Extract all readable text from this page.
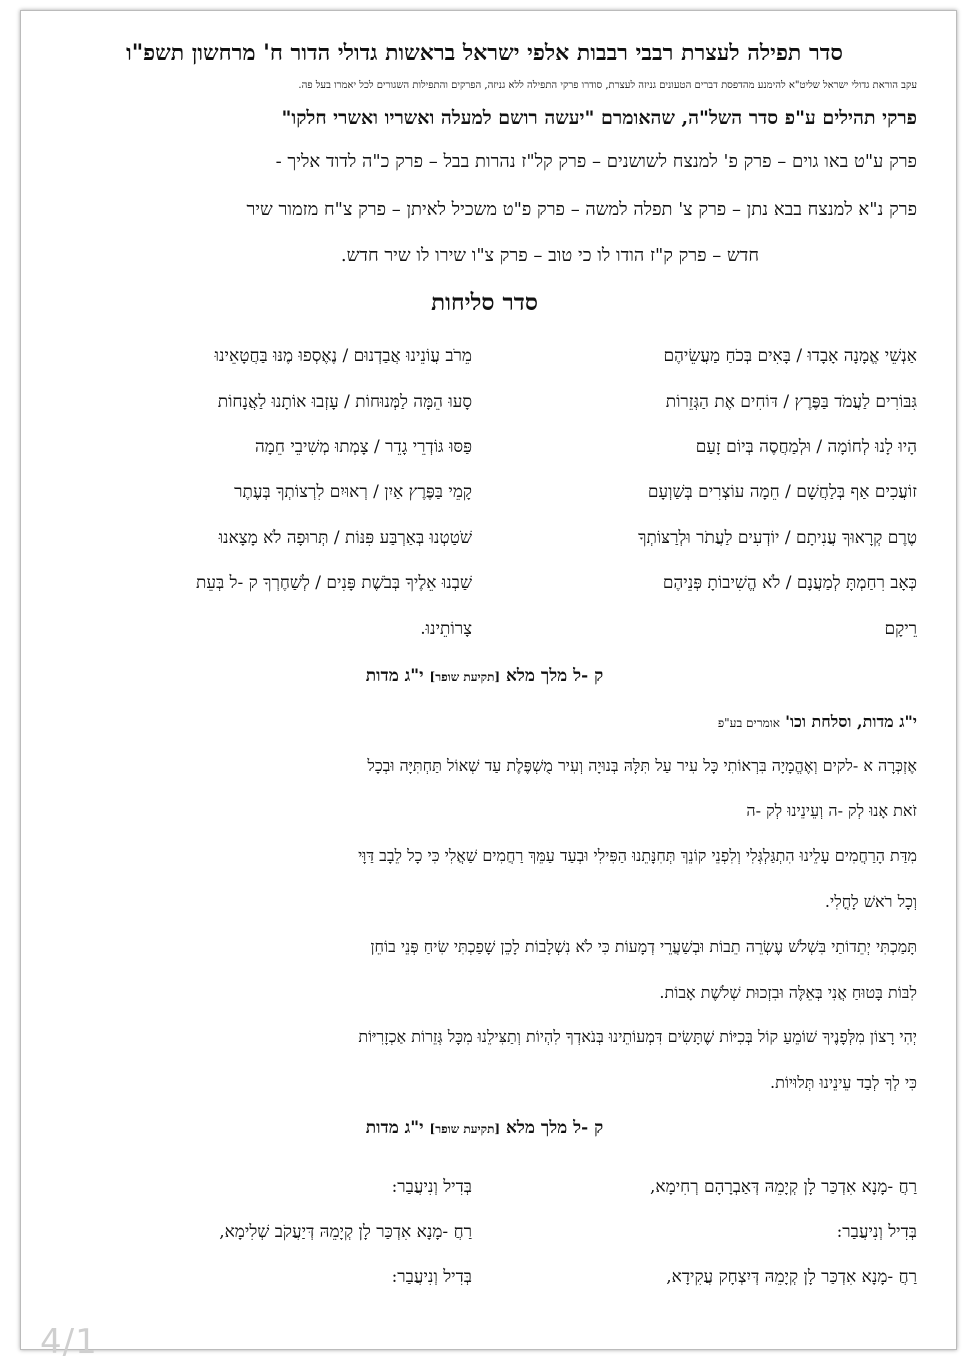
סדר תפילה לעצרת רבבי רבבות אלפי ישראל בראשות גדולי הדור ח' מרחשון תשפ"ו
עקב הוראת גדולי ישראל שליט"א להימנע מהדפסת דברים הטעונים גניזה לעצרת, סודרו פרקי התפילה ללא גניזה, הפרקים והתפילות השגורים לכל יאמרו בעל פה.
פרקי תהילים ע"פ סדר השל"ה, שהאומרם "יעשה רושם למעלה ואשריו ואשרי חלקו"
פרק ע"ט באו גוים – פרק פ' למנצח לשושנים – פרק קל"ז נהרות בבל – פרק כ"ה לדוד אליך -
פרק נ"א למנצח בבא נתן – פרק צ' תפלה למשה – פרק פ"ט משכיל לאיתן – פרק צ"ח מזמור שיר
חדש – פרק ק"ז הודו לו כי טוב – פרק צ"ו שירו לו שיר חדש.
סדר סליחות
אַנְשֵׁי אֱמָנָה אָבָדוּ / בָּאִים בְּכֹחַ מַעֲשֵׂיהֶם
מֵרֹב עֲוֹנֵינוּ אֲבַדְנוּם / נֶאֶסְפוּ מֶנּוּ בַּחֲטָאֵינוּ
גִּבּוֹרִים לַעֲמֹד בַּפֶּרֶץ / דּוֹחִים אֶת הַגְּזֵרוֹת
סָעוּ הֵמָּה לַמְּנוּחוֹת / עָזְבוּ אוֹתָנוּ לַאֲנָחוֹת
הָיוּ לָנוּ לְחוֹמָה / וּלְמַחֲסֶה בְּיוֹם זָעַם
פַּסּוּ גּוֹדְרֵי גָדֵר / צָמְתוּ מְשִׁיבֵי חֵמָה
זוֹעֲכִים אַף בְּלַחֲשָׁם / חֵמָה עוֹצְרִים בְּשַׁוְעָם
קָמֵי בַּפֶּרֶץ אַיִן / רְאוּיִם לִרְצוֹתְךָ בְּעֶתֶר
טֶרֶם קְרָאוּךָ עֲנִיתָם / יוֹדְעִים לַעֲתֹר וּלְרַצּוֹתְךָ
שֹׁטַטְנוּ בְּאַרְבַּע פִּנּוֹת / תְּרוּפָה לֹא מָצָאנוּ
כְּאָב רִחַמְתָּ לְמַעֲנָם / לֹא הֱשִׁיבוֹתָ פְּנֵיהֶם
שַׁבְנוּ אֵלֶיךָ בְּבֹשֶׁת פָּנִים / לְשַׁחֶרְךָ ק -ל בְּעֵת
רֵיקָם
צָרוֹתֵינוּ.
ק -ל מלך מלא [תקיעת שופר] י"ג מדות
י"ג מדות, וסלחת וכו' אומרים בע"פ
אֶזְכְּרָה א -לקים וְאֶהֱמָיָה בִּרְאוֹתִי כָּל עִיר עַל תִּלָּהּ בְּנוּיָה וְעִיר מֻשְׁפֶּלֶת עַד שְׁאוֹל תַּחְתִּיָּה וּבְכָל
זֹאת אָנוּ לְק -ה וְעֵינֵינוּ לְק -ה
מִדַּת הָרַחֲמִים עָלֵינוּ הִתְגַּלְגְּלִי וְלִפְנֵי קוֹנֵךְ תְּחִנָּתֵנוּ הַפִּילִי וּבְעַד עַמֵּךְ רַחֲמִים שַׁאֲלִי כִּי כָל לֵבָב דַּוָּי
וְכָל רֹאשׁ לָחֳלִי.
תָּמַכְתִּי יְתֵדוֹתַי בִּשְׁלֹשׁ עֶשְׂרֵה תֵבוֹת וּבְשַׁעֲרֵי דְמָעוֹת כִּי לֹא נִשְׁלָבוֹת לָכֵן שָׁפַכְתִּי שִׂיחַ פְּנֵי בוֹחֵן
לִבּוֹת בָּטוּחַ אֲנִי בְּאֵלֶּה וּבִזְכוּת שְׁלֹשֶׁת אָבוֹת.
יְהִי רָצוֹן מִלְּפָנֶיךָ שׁוֹמֵעַ קוֹל בְּכִיּוֹת שֶׁתָּשִׂים דִּמְעוֹתֵינוּ בְּנֹאדְךָ לִהְיוֹת וְתַצִּילֵנוּ מִכָּל גְּזֵרוֹת אַכְזָרִיּוֹת
כִּי לְךָ לְבַד עֵינֵינוּ תְּלוּיוֹת.
ק -ל מלך מלא [תקיעת שופר] י"ג מדות
רַחֲ -מָנָא אִדְכַּר לָן קְיָמֵהּ דְּאַבְרָהָם רְחִימָא,
בְּדִיל וְנִיעֲבַר:
בְּדִיל וְנִיעֲבַר:
רַחֲ -מָנָא אִדְכַּר לָן קְיָמֵהּ דְּיַעֲקֹב שְׁלִימָא,
רַחֲ -מָנָא אִדְכַּר לָן קְיָמֵהּ דְּיִצְחָק עֲקִידָא,
בְּדִיל וְנִיעֲבַר:
4/1
